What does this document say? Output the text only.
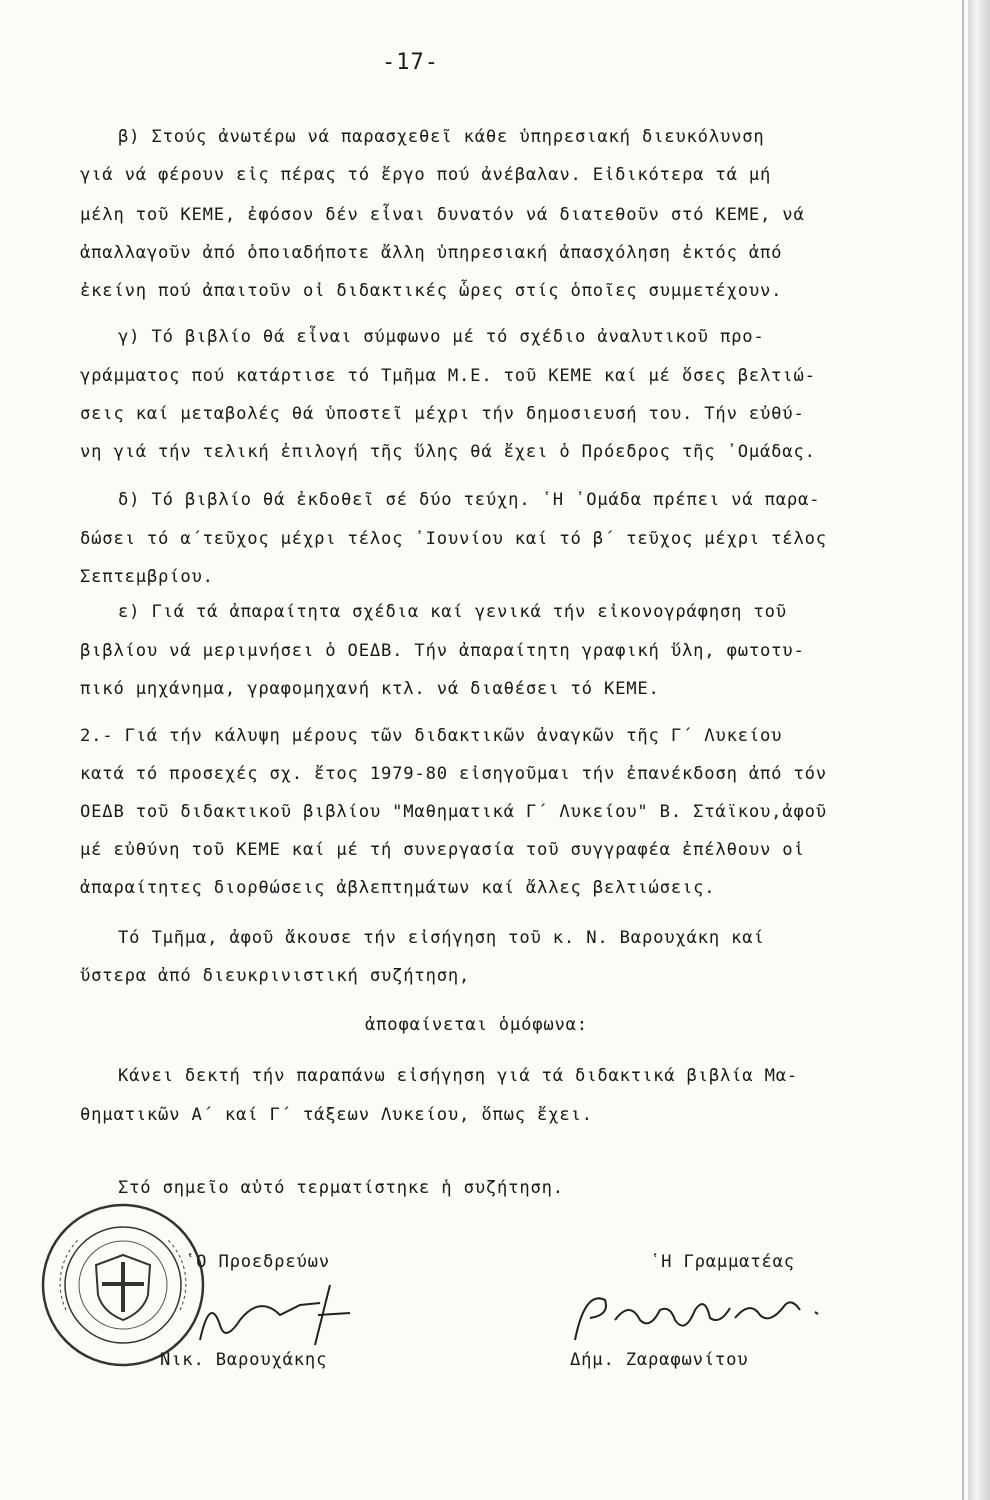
-17-
β) Στούς ἀνωτέρω νά παρασχεθεῖ κάθε ὑπηρεσιακή διευκόλυνση
γιά νά φέρουν εἰς πέρας τό ἔργο πού ἀνέβαλαν. Εἰδικότερα τά μή
μέλη τοῦ ΚΕΜΕ, ἐφόσον δέν εἶναι δυνατόν νά διατεθοῦν στό ΚΕΜΕ, νά
ἀπαλλαγοῦν ἀπό ὁποιαδήποτε ἄλλη ὑπηρεσιακή ἀπασχόληση ἐκτός ἀπό
ἐκείνη πού ἀπαιτοῦν οἱ διδακτικές ὧρες στίς ὁποῖες συμμετέχουν.
γ) Τό βιβλίο θά εἶναι σύμφωνο μέ τό σχέδιο ἀναλυτικοῦ προ-
γράμματος πού κατάρτισε τό Τμῆμα Μ.Ε. τοῦ ΚΕΜΕ καί μέ ὅσες βελτιώ-
σεις καί μεταβολές θά ὑποστεῖ μέχρι τήν δημοσιευσή του. Τήν εὐθύ-
νη γιά τήν τελική ἐπιλογή τῆς ὕλης θά ἔχει ὁ Πρόεδρος τῆς ᾽Ομάδας.
δ) Τό βιβλίο θά ἐκδοθεῖ σέ δύο τεύχη. ῾Η ᾽Ομάδα πρέπει νά παρα-
δώσει τό α΄τεῦχος μέχρι τέλος ᾽Ιουνίου καί τό β΄ τεῦχος μέχρι τέλος
Σεπτεμβρίου.
ε) Γιά τά ἀπαραίτητα σχέδια καί γενικά τήν εἰκονογράφηση τοῦ
βιβλίου νά μεριμνήσει ὁ ΟΕΔΒ. Τήν ἀπαραίτητη γραφική ὕλη, φωτοτυ-
πικό μηχάνημα, γραφομηχανή κτλ. νά διαθέσει τό ΚΕΜΕ.
2.- Γιά τήν κάλυψη μέρους τῶν διδακτικῶν ἀναγκῶν τῆς Γ΄ Λυκείου
κατά τό προσεχές σχ. ἔτος 1979-80 εἰσηγοῦμαι τήν ἐπανέκδοση ἀπό τόν
ΟΕΔΒ τοῦ διδακτικοῦ βιβλίου "Μαθηματικά Γ΄ Λυκείου" Β. Στάϊκου,ἀφοῦ
μέ εὐθύνη τοῦ ΚΕΜΕ καί μέ τή συνεργασία τοῦ συγγραφέα ἐπέλθουν οἱ
ἀπαραίτητες διορθώσεις ἀβλεπτημάτων καί ἄλλες βελτιώσεις.
Τό Τμῆμα, ἀφοῦ ἄκουσε τήν εἰσήγηση τοῦ κ. Ν. Βαρουχάκη καί
ὕστερα ἀπό διευκρινιστική συζήτηση,
ἀποφαίνεται ὁμόφωνα:
Κάνει δεκτή τήν παραπάνω εἰσήγηση γιά τά διδακτικά βιβλία Μα-
θηματικῶν Α΄ καί Γ΄ τάξεων Λυκείου, ὅπως ἔχει.
Στό σημεῖο αὐτό τερματίστηκε ἡ συζήτηση.
῾Ο Προεδρεύων	῾Η Γραμματέας
Νικ. Βαρουχάκης	Δήμ. Ζαραφωνίτου
